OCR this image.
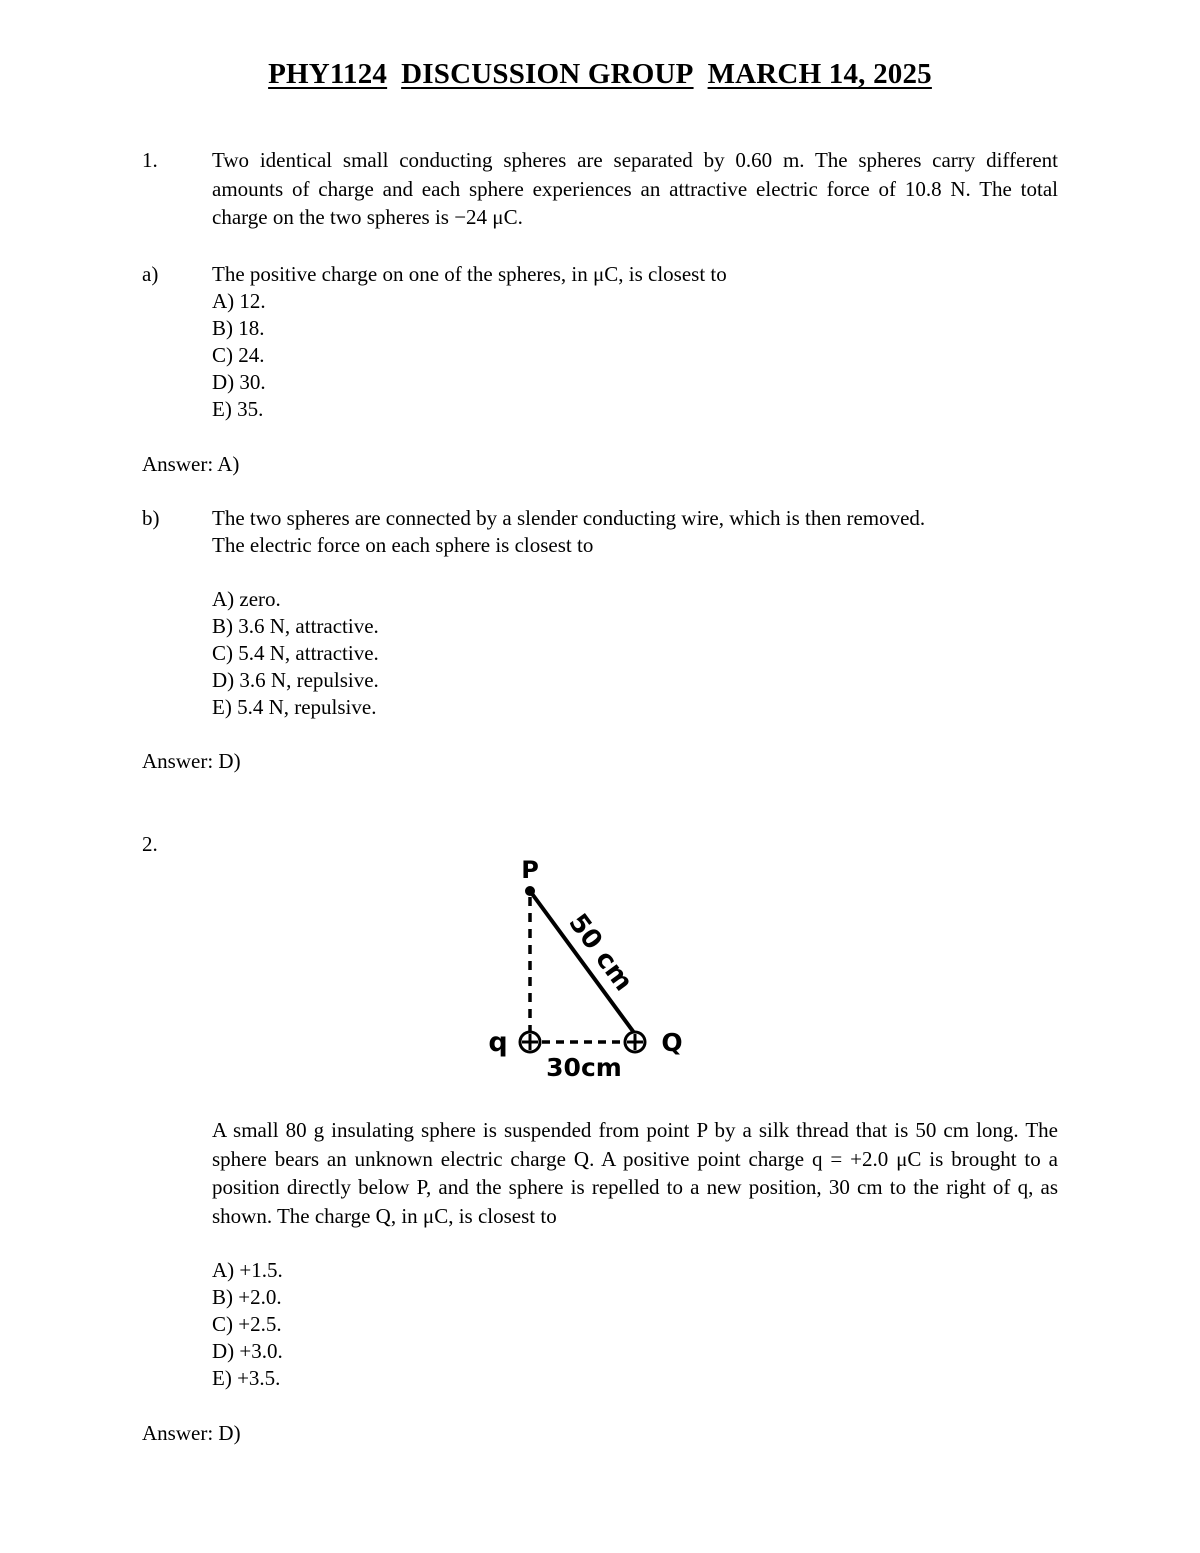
PHY1124 DISCUSSION GROUP MARCH 14, 2025
1.	Two identical small conducting spheres are separated by 0.60 m. The spheres carry different amounts of charge and each sphere experiences an attractive electric force of 10.8 N. The total charge on the two spheres is −24 μC.
a)	The positive charge on one of the spheres, in μC, is closest to
A) 12.
B) 18.
C) 24.
D) 30.
E) 35.
Answer: A)
b)	The two spheres are connected by a slender conducting wire, which is then removed.
The electric force on each sphere is closest to
A) zero.
B) 3.6 N, attractive.
C) 5.4 N, attractive.
D) 3.6 N, repulsive.
E) 5.4 N, repulsive.
Answer: D)
2.
P
50 cm
q	Q
30cm
A small 80 g insulating sphere is suspended from point P by a silk thread that is 50 cm long. The sphere bears an unknown electric charge Q. A positive point charge q = +2.0 μC is brought to a position directly below P, and the sphere is repelled to a new position, 30 cm to the right of q, as shown. The charge Q, in μC, is closest to
A) +1.5.
B) +2.0.
C) +2.5.
D) +3.0.
E) +3.5.
Answer: D)
